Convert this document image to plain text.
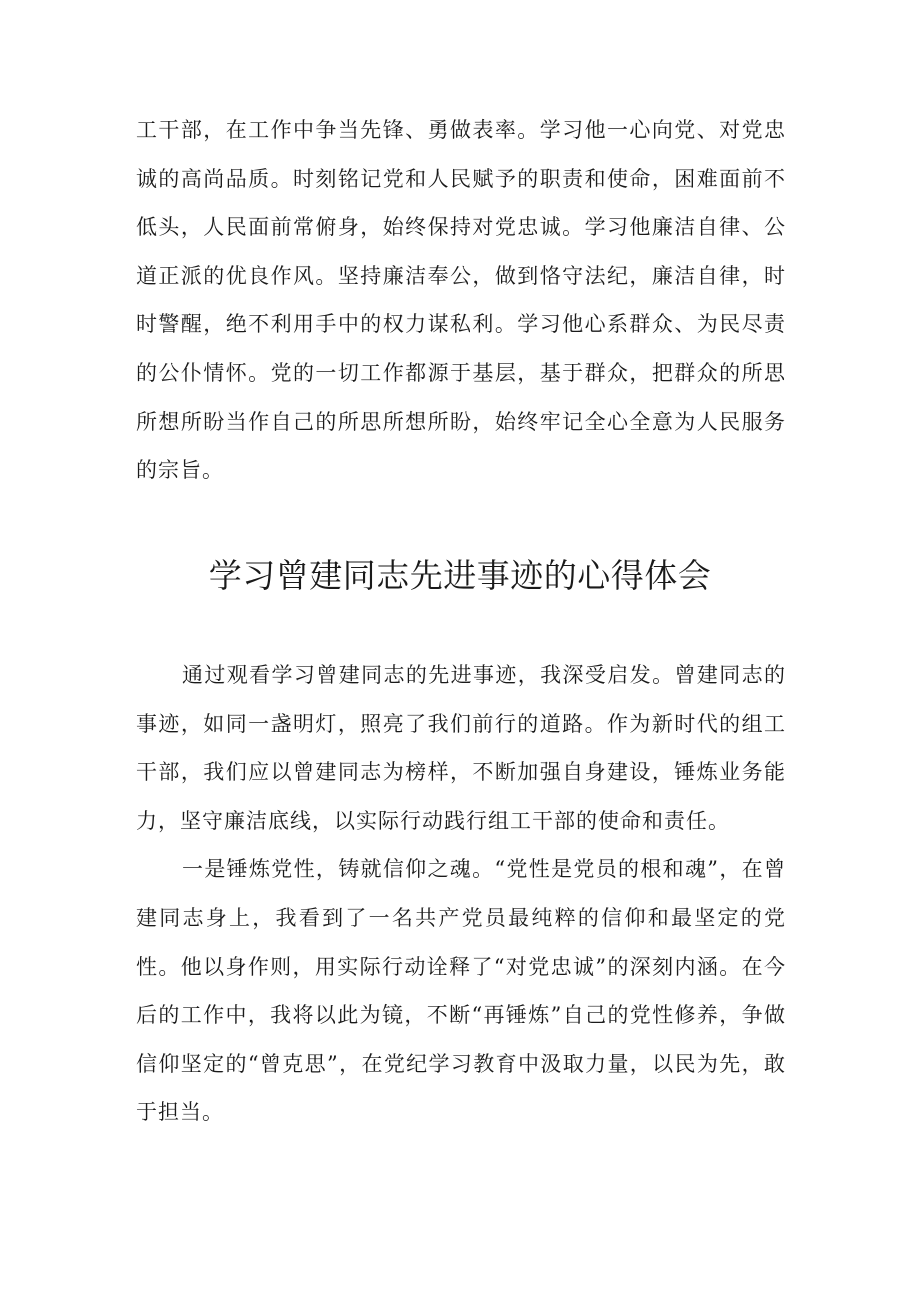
工干部，在工作中争当先锋、勇做表率。学习他一心向党、对党忠诚的高尚品质。时刻铭记党和人民赋予的职责和使命，困难面前不低头，人民面前常俯身，始终保持对党忠诚。学习他廉洁自律、公道正派的优良作风。坚持廉洁奉公，做到恪守法纪，廉洁自律，时时警醒，绝不利用手中的权力谋私利。学习他心系群众、为民尽责的公仆情怀。党的一切工作都源于基层，基于群众，把群众的所思所想所盼当作自己的所思所想所盼，始终牢记全心全意为人民服务的宗旨。

学习曾建同志先进事迹的心得体会

通过观看学习曾建同志的先进事迹，我深受启发。曾建同志的事迹，如同一盏明灯，照亮了我们前行的道路。作为新时代的组工干部，我们应以曾建同志为榜样，不断加强自身建设，锤炼业务能力，坚守廉洁底线，以实际行动践行组工干部的使命和责任。

一是锤炼党性，铸就信仰之魂。“党性是党员的根和魂”，在曾建同志身上，我看到了一名共产党员最纯粹的信仰和最坚定的党性。他以身作则，用实际行动诠释了“对党忠诚”的深刻内涵。在今后的工作中，我将以此为镜，不断“再锤炼”自己的党性修养，争做信仰坚定的“曾克思”，在党纪学习教育中汲取力量，以民为先，敢于担当。
